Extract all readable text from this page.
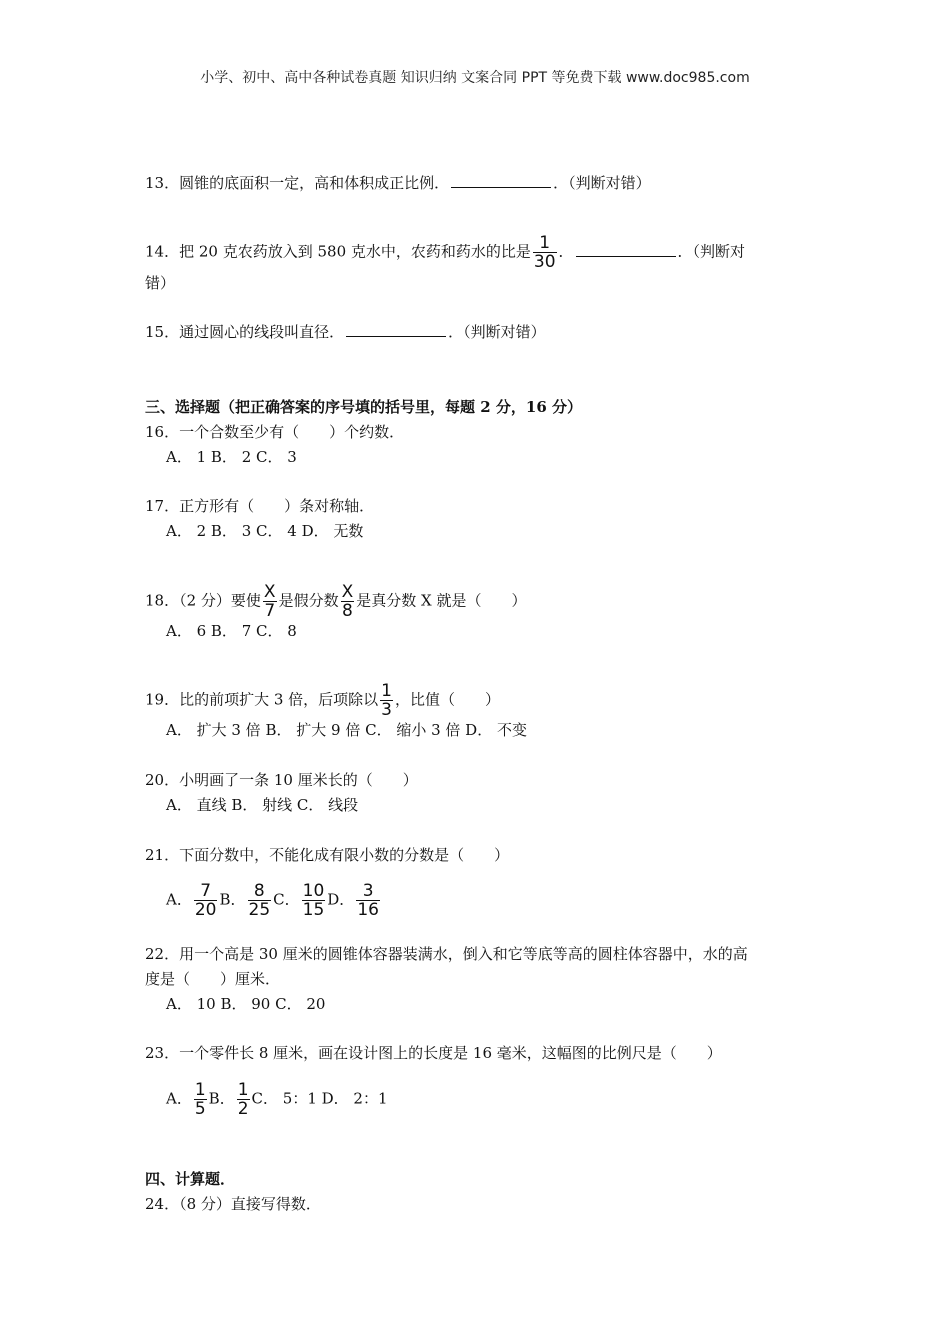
小学、初中、高中各种试卷真题 知识归纳 文案合同 PPT 等免费下载 www.doc985.com
13．圆锥的底面积一定，高和体积成正比例．	．（判断对错）
14．把 20 克农药放入到 580 克水中，农药和药水的比是 $\frac{1}{30}$ ．	．（判断对
错）
15．通过圆心的线段叫直径．	．（判断对错）
三、选择题（把正确答案的序号填的括号里，每题 2 分，16 分）
16．一个合数至少有（　　）个约数．
A． 1 B． 2 C． 3
17．正方形有（　　）条对称轴．
A． 2 B． 3 C． 4 D． 无数
18．（2 分）要使 $\frac{X}{7}$ 是假分数 $\frac{X}{8}$ 是真分数 X 就是（　　）
A． 6 B． 7 C． 8
19．比的前项扩大 3 倍，后项除以 $\frac{1}{3}$ ，比值（　　）
A． 扩大 3 倍 B． 扩大 9 倍 C． 缩小 3 倍 D． 不变
20．小明画了一条 10 厘米长的（　　）
A． 直线 B． 射线 C． 线段
21．下面分数中，不能化成有限小数的分数是（　　）
A． $\frac{7}{20}$ B． $\frac{8}{25}$ C． $\frac{10}{15}$ D． $\frac{3}{16}$
22．用一个高是 30 厘米的圆锥体容器装满水，倒入和它等底等高的圆柱体容器中，水的高
度是（　　）厘米．
A． 10 B． 90 C． 20
23．一个零件长 8 厘米，画在设计图上的长度是 16 毫米，这幅图的比例尺是（　　）
A． $\frac{1}{5}$ B． $\frac{1}{2}$ C． 5：1 D． 2：1
四、计算题．
24．（8 分）直接写得数．
